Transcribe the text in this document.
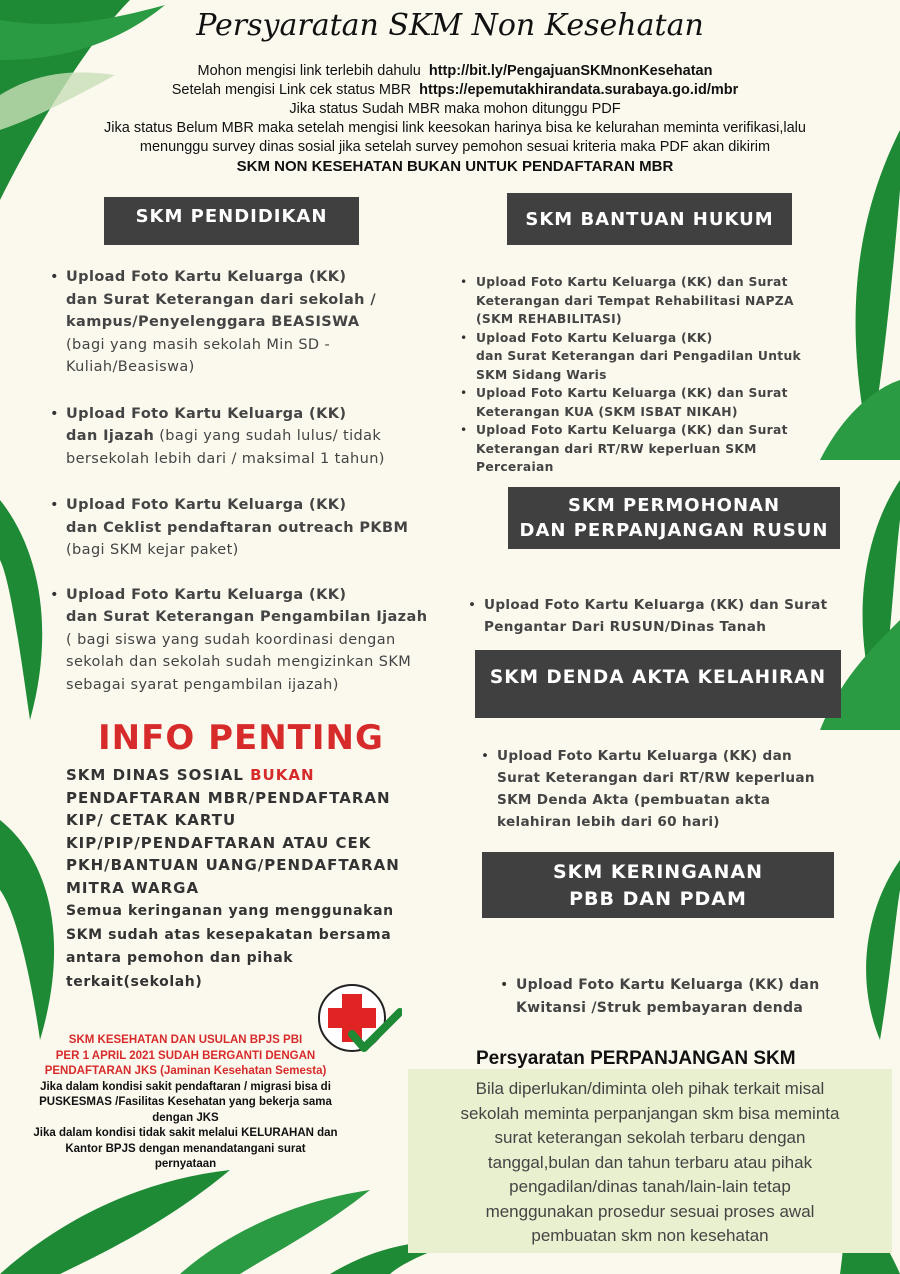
Persyaratan SKM Non Kesehatan
Mohon mengisi link terlebih dahulu http://bit.ly/PengajuanSKMnonKesehatan
Setelah mengisi Link cek status MBR https://epemutakhirandata.surabaya.go.id/mbr
Jika status Sudah MBR maka mohon ditunggu PDF
Jika status Belum MBR maka setelah mengisi link keesokan harinya bisa ke kelurahan meminta verifikasi,lalu
menunggu survey dinas sosial jika setelah survey pemohon sesuai kriteria maka PDF akan dikirim
SKM NON KESEHATAN BUKAN UNTUK PENDAFTARAN MBR
SKM PENDIDIKAN
• Upload Foto Kartu Keluarga (KK)
dan Surat Keterangan dari sekolah /
kampus/Penyelenggara BEASISWA
(bagi yang masih sekolah Min SD -
Kuliah/Beasiswa)
• Upload Foto Kartu Keluarga (KK)
dan Ijazah (bagi yang sudah lulus/ tidak
bersekolah lebih dari / maksimal 1 tahun)
• Upload Foto Kartu Keluarga (KK)
dan Ceklist pendaftaran outreach PKBM
(bagi SKM kejar paket)
• Upload Foto Kartu Keluarga (KK)
dan Surat Keterangan Pengambilan Ijazah
( bagi siswa yang sudah koordinasi dengan
sekolah dan sekolah sudah mengizinkan SKM
sebagai syarat pengambilan ijazah)
SKM BANTUAN HUKUM
• Upload Foto Kartu Keluarga (KK) dan Surat
Keterangan dari Tempat Rehabilitasi NAPZA
(SKM REHABILITASI)
• Upload Foto Kartu Keluarga (KK)
dan Surat Keterangan dari Pengadilan Untuk
SKM Sidang Waris
• Upload Foto Kartu Keluarga (KK) dan Surat
Keterangan KUA (SKM ISBAT NIKAH)
• Upload Foto Kartu Keluarga (KK) dan Surat
Keterangan dari RT/RW keperluan SKM
Perceraian
SKM PERMOHONAN
DAN PERPANJANGAN RUSUN
• Upload Foto Kartu Keluarga (KK) dan Surat
Pengantar Dari RUSUN/Dinas Tanah
SKM DENDA AKTA KELAHIRAN
• Upload Foto Kartu Keluarga (KK) dan
Surat Keterangan dari RT/RW keperluan
SKM Denda Akta (pembuatan akta
kelahiran lebih dari 60 hari)
SKM KERINGANAN
PBB DAN PDAM
• Upload Foto Kartu Keluarga (KK) dan
Kwitansi /Struk pembayaran denda
INFO PENTING
SKM DINAS SOSIAL BUKAN
PENDAFTARAN MBR/PENDAFTARAN
KIP/ CETAK KARTU
KIP/PIP/PENDAFTARAN ATAU CEK
PKH/BANTUAN UANG/PENDAFTARAN
MITRA WARGA
Semua keringanan yang menggunakan
SKM sudah atas kesepakatan bersama
antara pemohon dan pihak
terkait(sekolah)
SKM KESEHATAN DAN USULAN BPJS PBI
PER 1 APRIL 2021 SUDAH BERGANTI DENGAN
PENDAFTARAN JKS (Jaminan Kesehatan Semesta)
Jika dalam kondisi sakit pendaftaran / migrasi bisa di
PUSKESMAS /Fasilitas Kesehatan yang bekerja sama
dengan JKS
Jika dalam kondisi tidak sakit melalui KELURAHAN dan
Kantor BPJS dengan menandatangani surat
pernyataan
Persyaratan PERPANJANGAN SKM
Bila diperlukan/diminta oleh pihak terkait misal
sekolah meminta perpanjangan skm bisa meminta
surat keterangan sekolah terbaru dengan
tanggal,bulan dan tahun terbaru atau pihak
pengadilan/dinas tanah/lain-lain tetap
menggunakan prosedur sesuai proses awal
pembuatan skm non kesehatan
